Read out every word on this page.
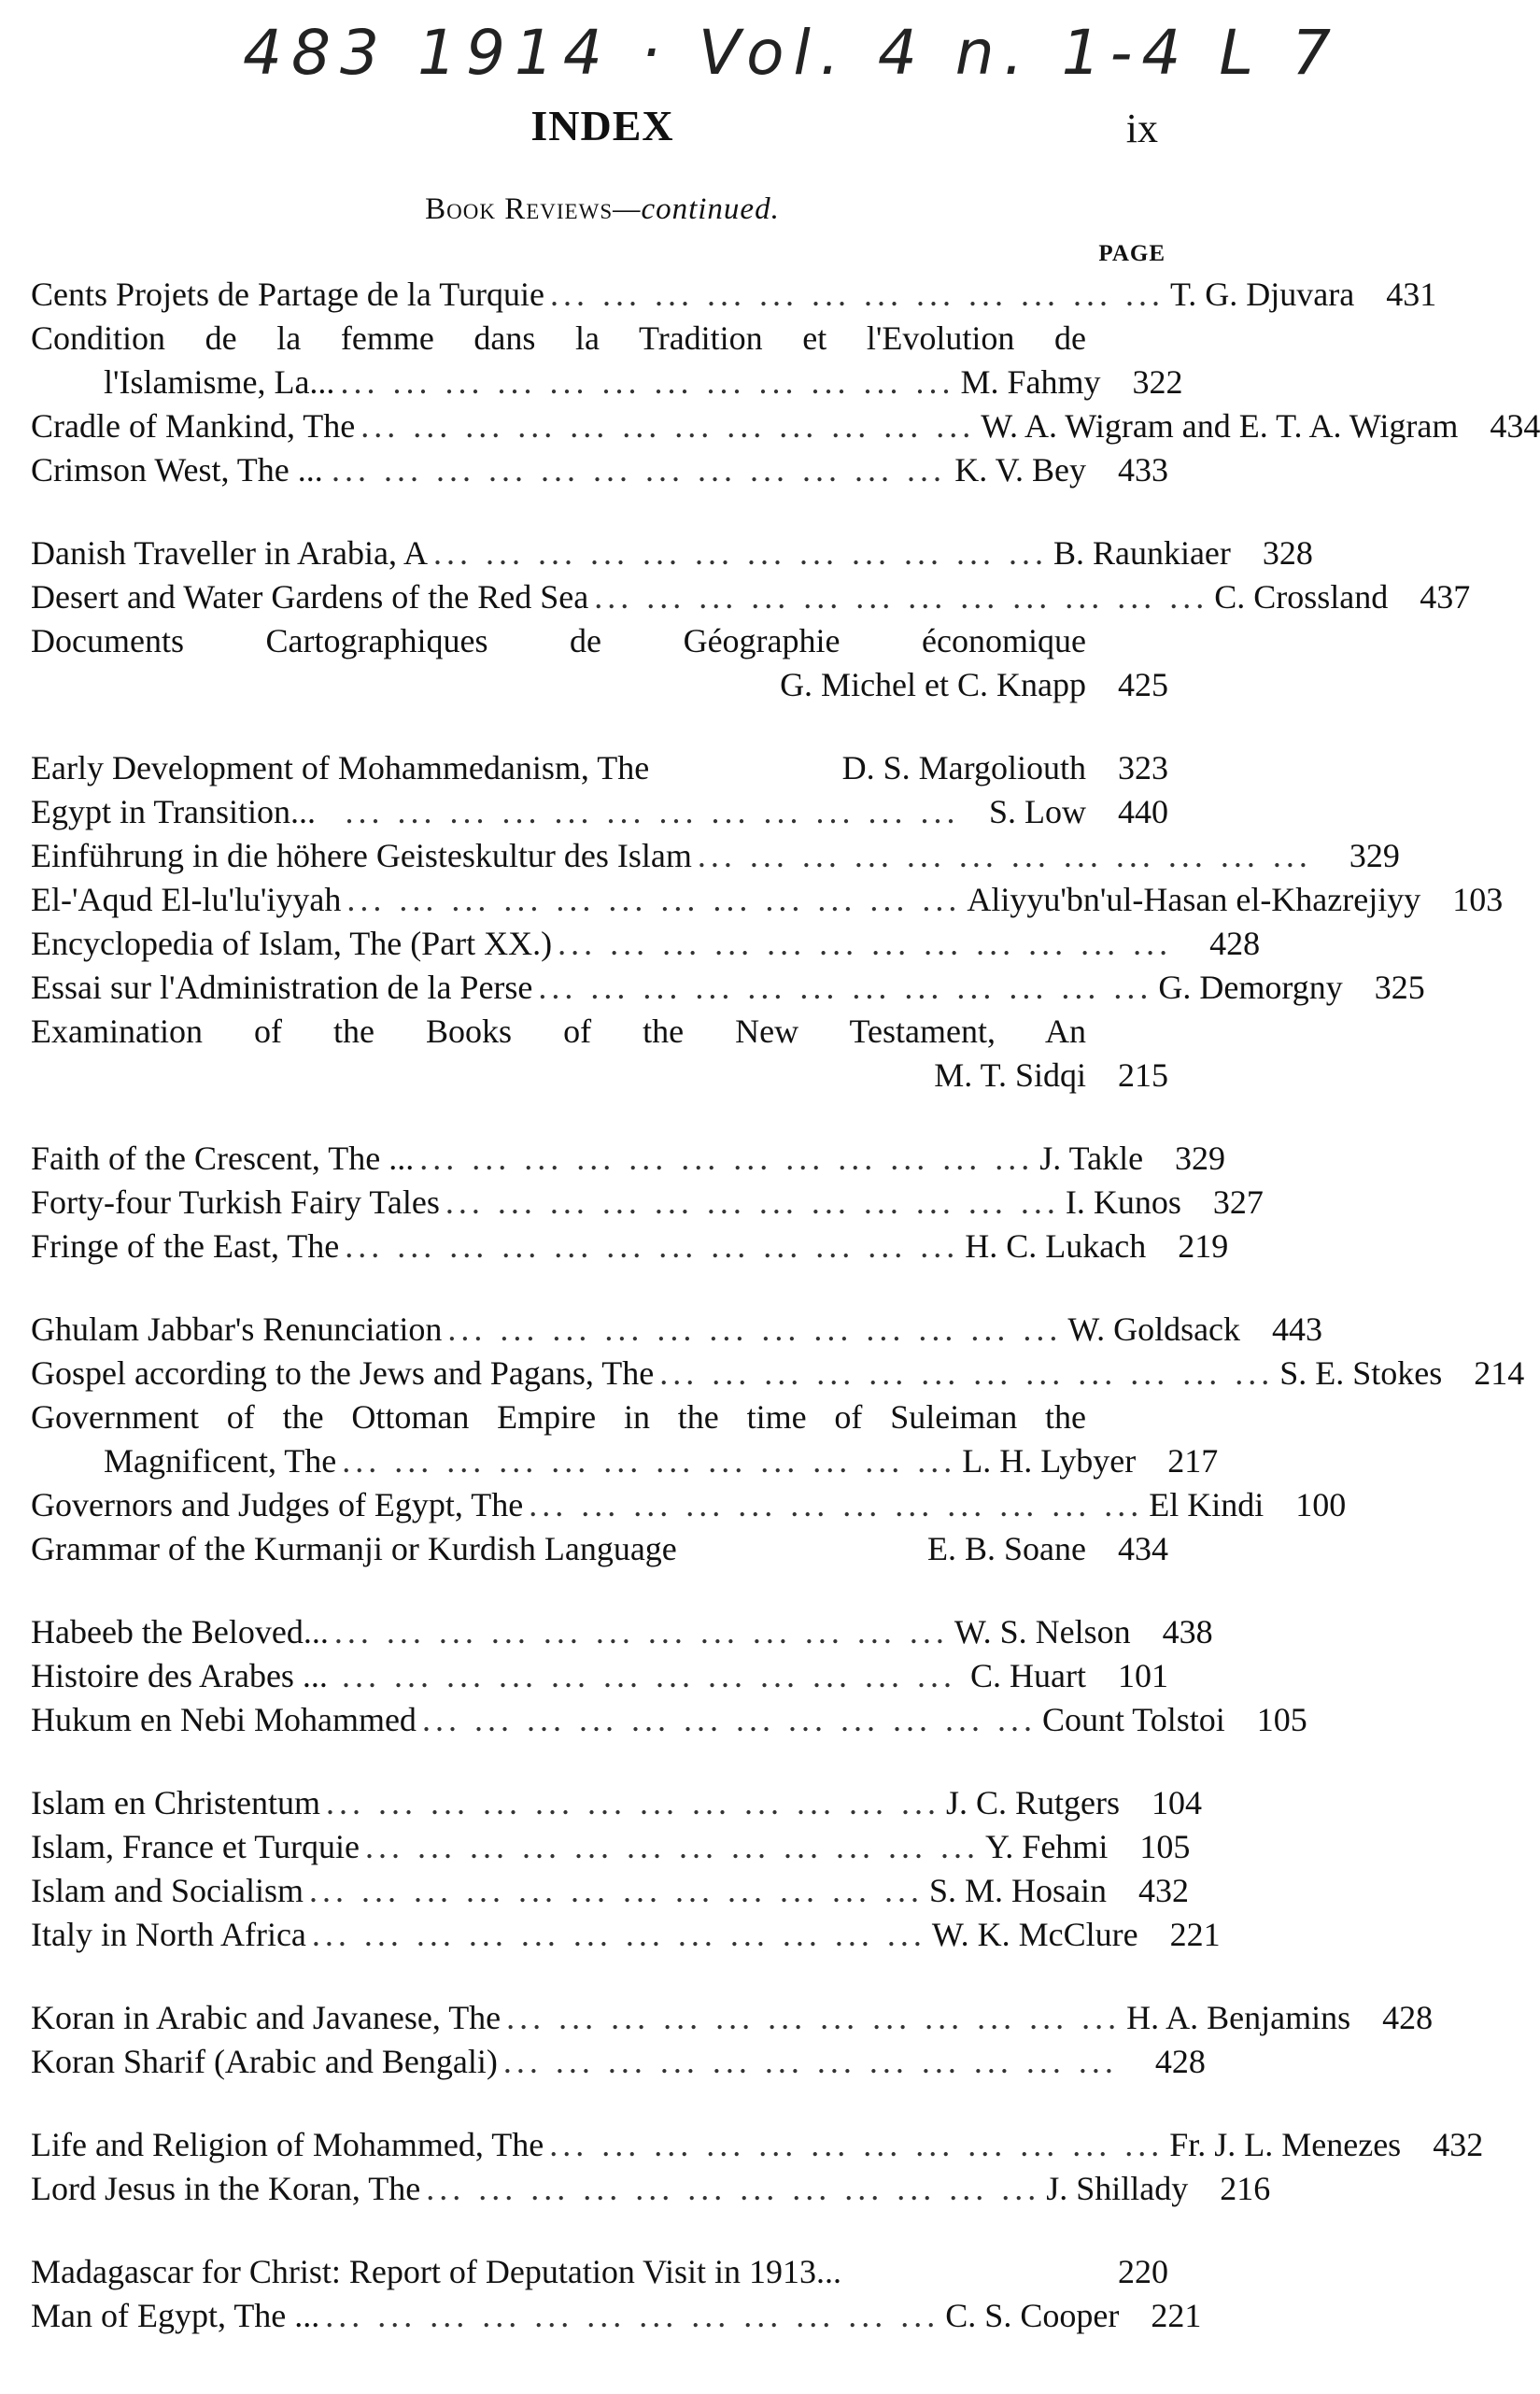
483 1914 · Vol. 4 n. 1-4 L 7
INDEX	ix
Book Reviews—continued.
PAGE
Cents Projets de Partage de la Turquie ... ... ... ... ... ... ... ... ... ... ... ... T. G. Djuvara 431
Condition de la femme dans la Tradition et l'Evolution de
l'Islamisme, La... ... ... ... ... ... ... ... ... ... ... ... ... M. Fahmy 322
Cradle of Mankind, The ... ... ... ... ... ... ... ... ... ... ... ... W. A. Wigram and E. T. A. Wigram 434
Crimson West, The ... ... ... ... ... ... ... ... ... ... ... ... ... K. V. Bey 433
Danish Traveller in Arabia, A ... ... ... ... ... ... ... ... ... ... ... ... B. Raunkiaer 328
Desert and Water Gardens of the Red Sea ... ... ... ... ... ... ... ... ... ... ... ... C. Crossland 437
Documents Cartographiques de Géographie économique
G. Michel et C. Knapp 425
Early Development of Mohammedanism, The	D. S. Margoliouth 323
Egypt in Transition... ... ... ... ... ... ... ... ... ... ... ... ... S. Low 440
Einführung in die höhere Geisteskultur des Islam ... ... ... ... ... ... ... ... ... ... ... ...	329
El-'Aqud El-lu'lu'iyyah ... ... ... ... ... ... ... ... ... ... ... ... Aliyyu'bn'ul-Hasan el-Khazrejiyy 103
Encyclopedia of Islam, The (Part XX.) ... ... ... ... ... ... ... ... ... ... ... ...	428
Essai sur l'Administration de la Perse ... ... ... ... ... ... ... ... ... ... ... ... G. Demorgny 325
Examination of the Books of the New Testament, An
M. T. Sidqi 215
Faith of the Crescent, The ... ... ... ... ... ... ... ... ... ... ... ... ... J. Takle 329
Forty-four Turkish Fairy Tales ... ... ... ... ... ... ... ... ... ... ... ... I. Kunos 327
Fringe of the East, The ... ... ... ... ... ... ... ... ... ... ... ... H. C. Lukach 219
Ghulam Jabbar's Renunciation ... ... ... ... ... ... ... ... ... ... ... ... W. Goldsack 443
Gospel according to the Jews and Pagans, The ... ... ... ... ... ... ... ... ... ... ... ... S. E. Stokes 214
Government of the Ottoman Empire in the time of Suleiman the
Magnificent, The ... ... ... ... ... ... ... ... ... ... ... ... L. H. Lybyer 217
Governors and Judges of Egypt, The ... ... ... ... ... ... ... ... ... ... ... ... El Kindi 100
Grammar of the Kurmanji or Kurdish Language	E. B. Soane 434
Habeeb the Beloved... ... ... ... ... ... ... ... ... ... ... ... ... W. S. Nelson 438
Histoire des Arabes ... ... ... ... ... ... ... ... ... ... ... ... ... C. Huart 101
Hukum en Nebi Mohammed ... ... ... ... ... ... ... ... ... ... ... ... Count Tolstoi 105
Islam en Christentum ... ... ... ... ... ... ... ... ... ... ... ... J. C. Rutgers 104
Islam, France et Turquie ... ... ... ... ... ... ... ... ... ... ... ... Y. Fehmi 105
Islam and Socialism ... ... ... ... ... ... ... ... ... ... ... ... S. M. Hosain 432
Italy in North Africa ... ... ... ... ... ... ... ... ... ... ... ... W. K. McClure 221
Koran in Arabic and Javanese, The ... ... ... ... ... ... ... ... ... ... ... ... H. A. Benjamins 428
Koran Sharif (Arabic and Bengali) ... ... ... ... ... ... ... ... ... ... ... ...	428
Life and Religion of Mohammed, The ... ... ... ... ... ... ... ... ... ... ... ... Fr. J. L. Menezes 432
Lord Jesus in the Koran, The ... ... ... ... ... ... ... ... ... ... ... ... J. Shillady 216
Madagascar for Christ: Report of Deputation Visit in 1913...	220
Man of Egypt, The ... ... ... ... ... ... ... ... ... ... ... ... ... C. S. Cooper 221
